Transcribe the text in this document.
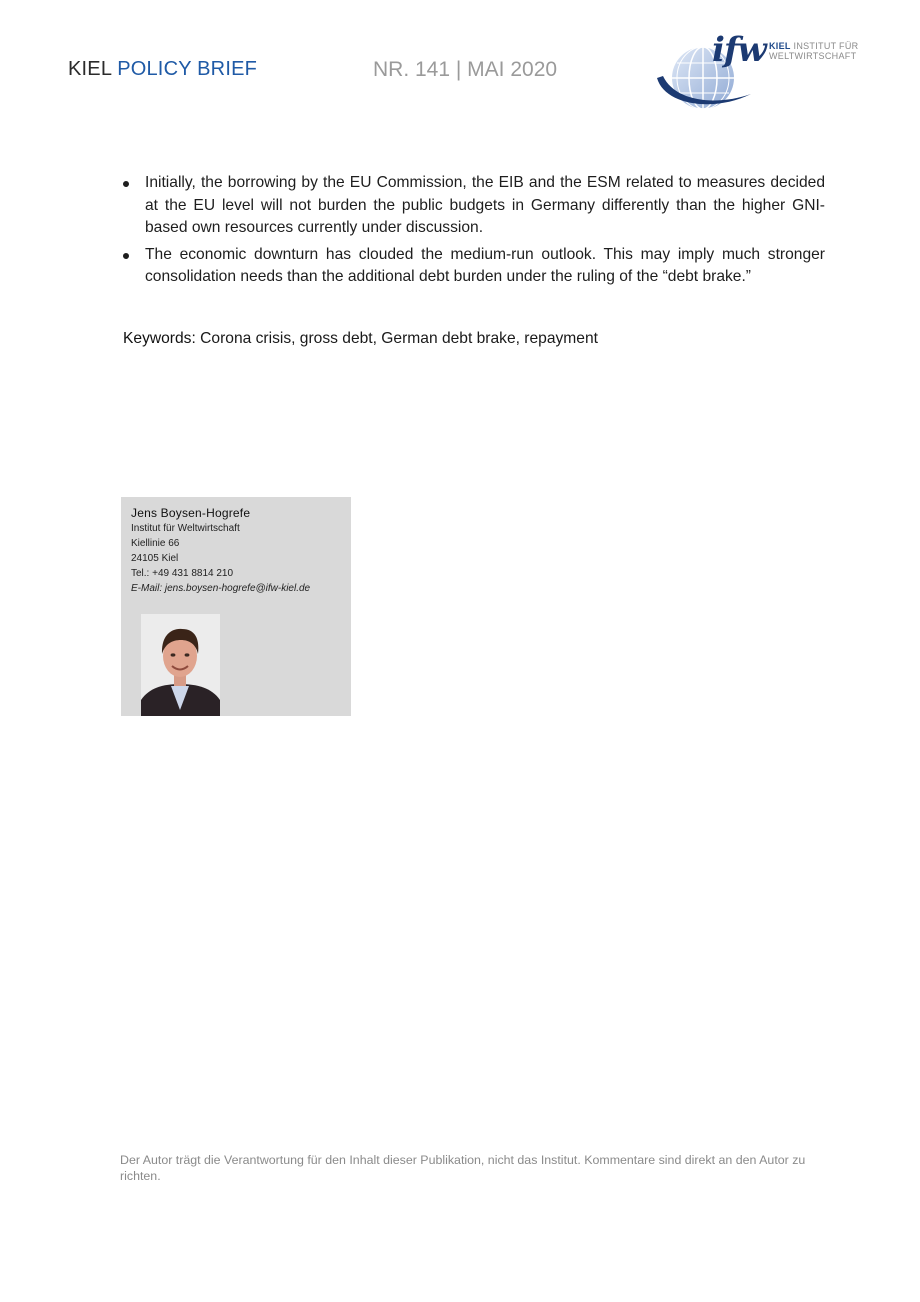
KIEL POLICY BRIEF	NR. 141 | MAI 2020	ifw KIEL INSTITUT FÜR
WELTWIRTSCHAFT
Initially, the borrowing by the EU Commission, the EIB and the ESM related to measures decided at the EU level will not burden the public budgets in Germany differently than the higher GNI-based own resources currently under discussion.
The economic downturn has clouded the medium-run outlook. This may imply much stronger consolidation needs than the additional debt burden under the ruling of the “debt brake.”
Keywords: Corona crisis, gross debt, German debt brake, repayment
Jens Boysen-Hogrefe
Institut für Weltwirtschaft
Kiellinie 66
24105 Kiel
Tel.: +49 431 8814 210
E-Mail: jens.boysen-hogrefe@ifw-kiel.de
Der Autor trägt die Verantwortung für den Inhalt dieser Publikation, nicht das Institut. Kommentare sind direkt an den Autor zu richten.
